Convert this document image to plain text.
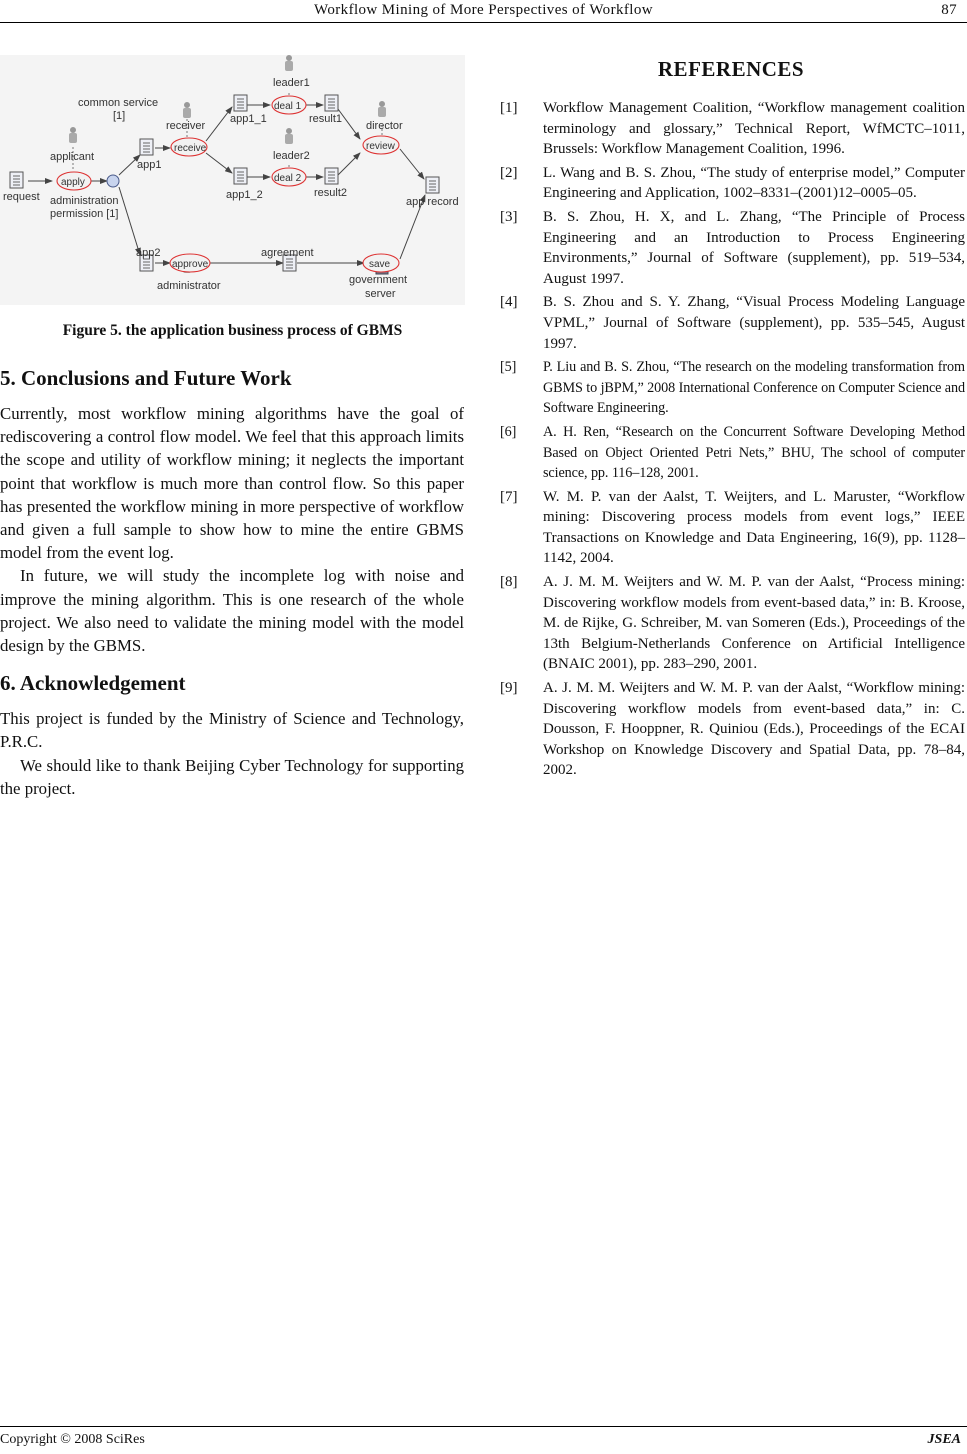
Workflow Mining of More Perspectives of Workflow	87
leader1
leader2
common service
[1]
receiver
receive
app1_1
deal 1
result1
director
review
applicant
apply
app1
app1_2
deal 2
result2
request administration
permission [1]
app record
app2
approve
agreement
save
administrator	government
server
Figure 5. the application business process of GBMS
5. Conclusions and Future Work

Currently, most workflow mining algorithms have the goal of rediscovering a control flow model. We feel that this approach limits the scope and utility of workflow mining; it neglects the important point that workflow is much more than control flow. So this paper has presented the workflow mining in more perspective of workflow and given a full sample to show how to mine the entire GBMS model from the event log.

In future, we will study the incomplete log with noise and improve the mining algorithm. This is one research of the whole project. We also need to validate the mining model with the model design by the GBMS.

6. Acknowledgement

This project is funded by the Ministry of Science and Technology, P.R.C.

We should like to thank Beijing Cyber Technology for supporting the project.

REFERENCES
[1] Workflow Management Coalition, “Workflow management coalition terminology and glossary,” Technical Report, WfMCTC–1011, Brussels: Workflow Management Coalition, 1996.
[2] L. Wang and B. S. Zhou, “The study of enterprise model,” Computer Engineering and Application, 1002–8331–(2001)12–0005–05.
[3] B. S. Zhou, H. X, and L. Zhang, “The Principle of Process Engineering and an Introduction to Process Engineering Environments,” Journal of Software (supplement), pp. 519–534, August 1997.
[4] B. S. Zhou and S. Y. Zhang, “Visual Process Modeling Language VPML,” Journal of Software (supplement), pp. 535–545, August 1997.
[5] P. Liu and B. S. Zhou, “The research on the modeling transformation from GBMS to jBPM,” 2008 International Conference on Computer Science and Software Engineering.
[6] A. H. Ren, “Research on the Concurrent Software Developing Method Based on Object Oriented Petri Nets,” BHU, The school of computer science, pp. 116–128, 2001.
[7] W. M. P. van der Aalst, T. Weijters, and L. Maruster, “Workflow mining: Discovering process models from event logs,” IEEE Transactions on Knowledge and Data Engineering, 16(9), pp. 1128–1142, 2004.
[8] A. J. M. M. Weijters and W. M. P. van der Aalst, “Process mining: Discovering workflow models from event-based data,” in: B. Kroose, M. de Rijke, G. Schreiber, M. van Someren (Eds.), Proceedings of the 13th Belgium-Netherlands Conference on Artificial Intelligence (BNAIC 2001), pp. 283–290, 2001.
[9] A. J. M. M. Weijters and W. M. P. van der Aalst, “Workflow mining: Discovering workflow models from event-based data,” in: C. Dousson, F. Hooppner, R. Quiniou (Eds.), Proceedings of the ECAI Workshop on Knowledge Discovery and Spatial Data, pp. 78–84, 2002.
Copyright © 2008 SciRes	JSEA
